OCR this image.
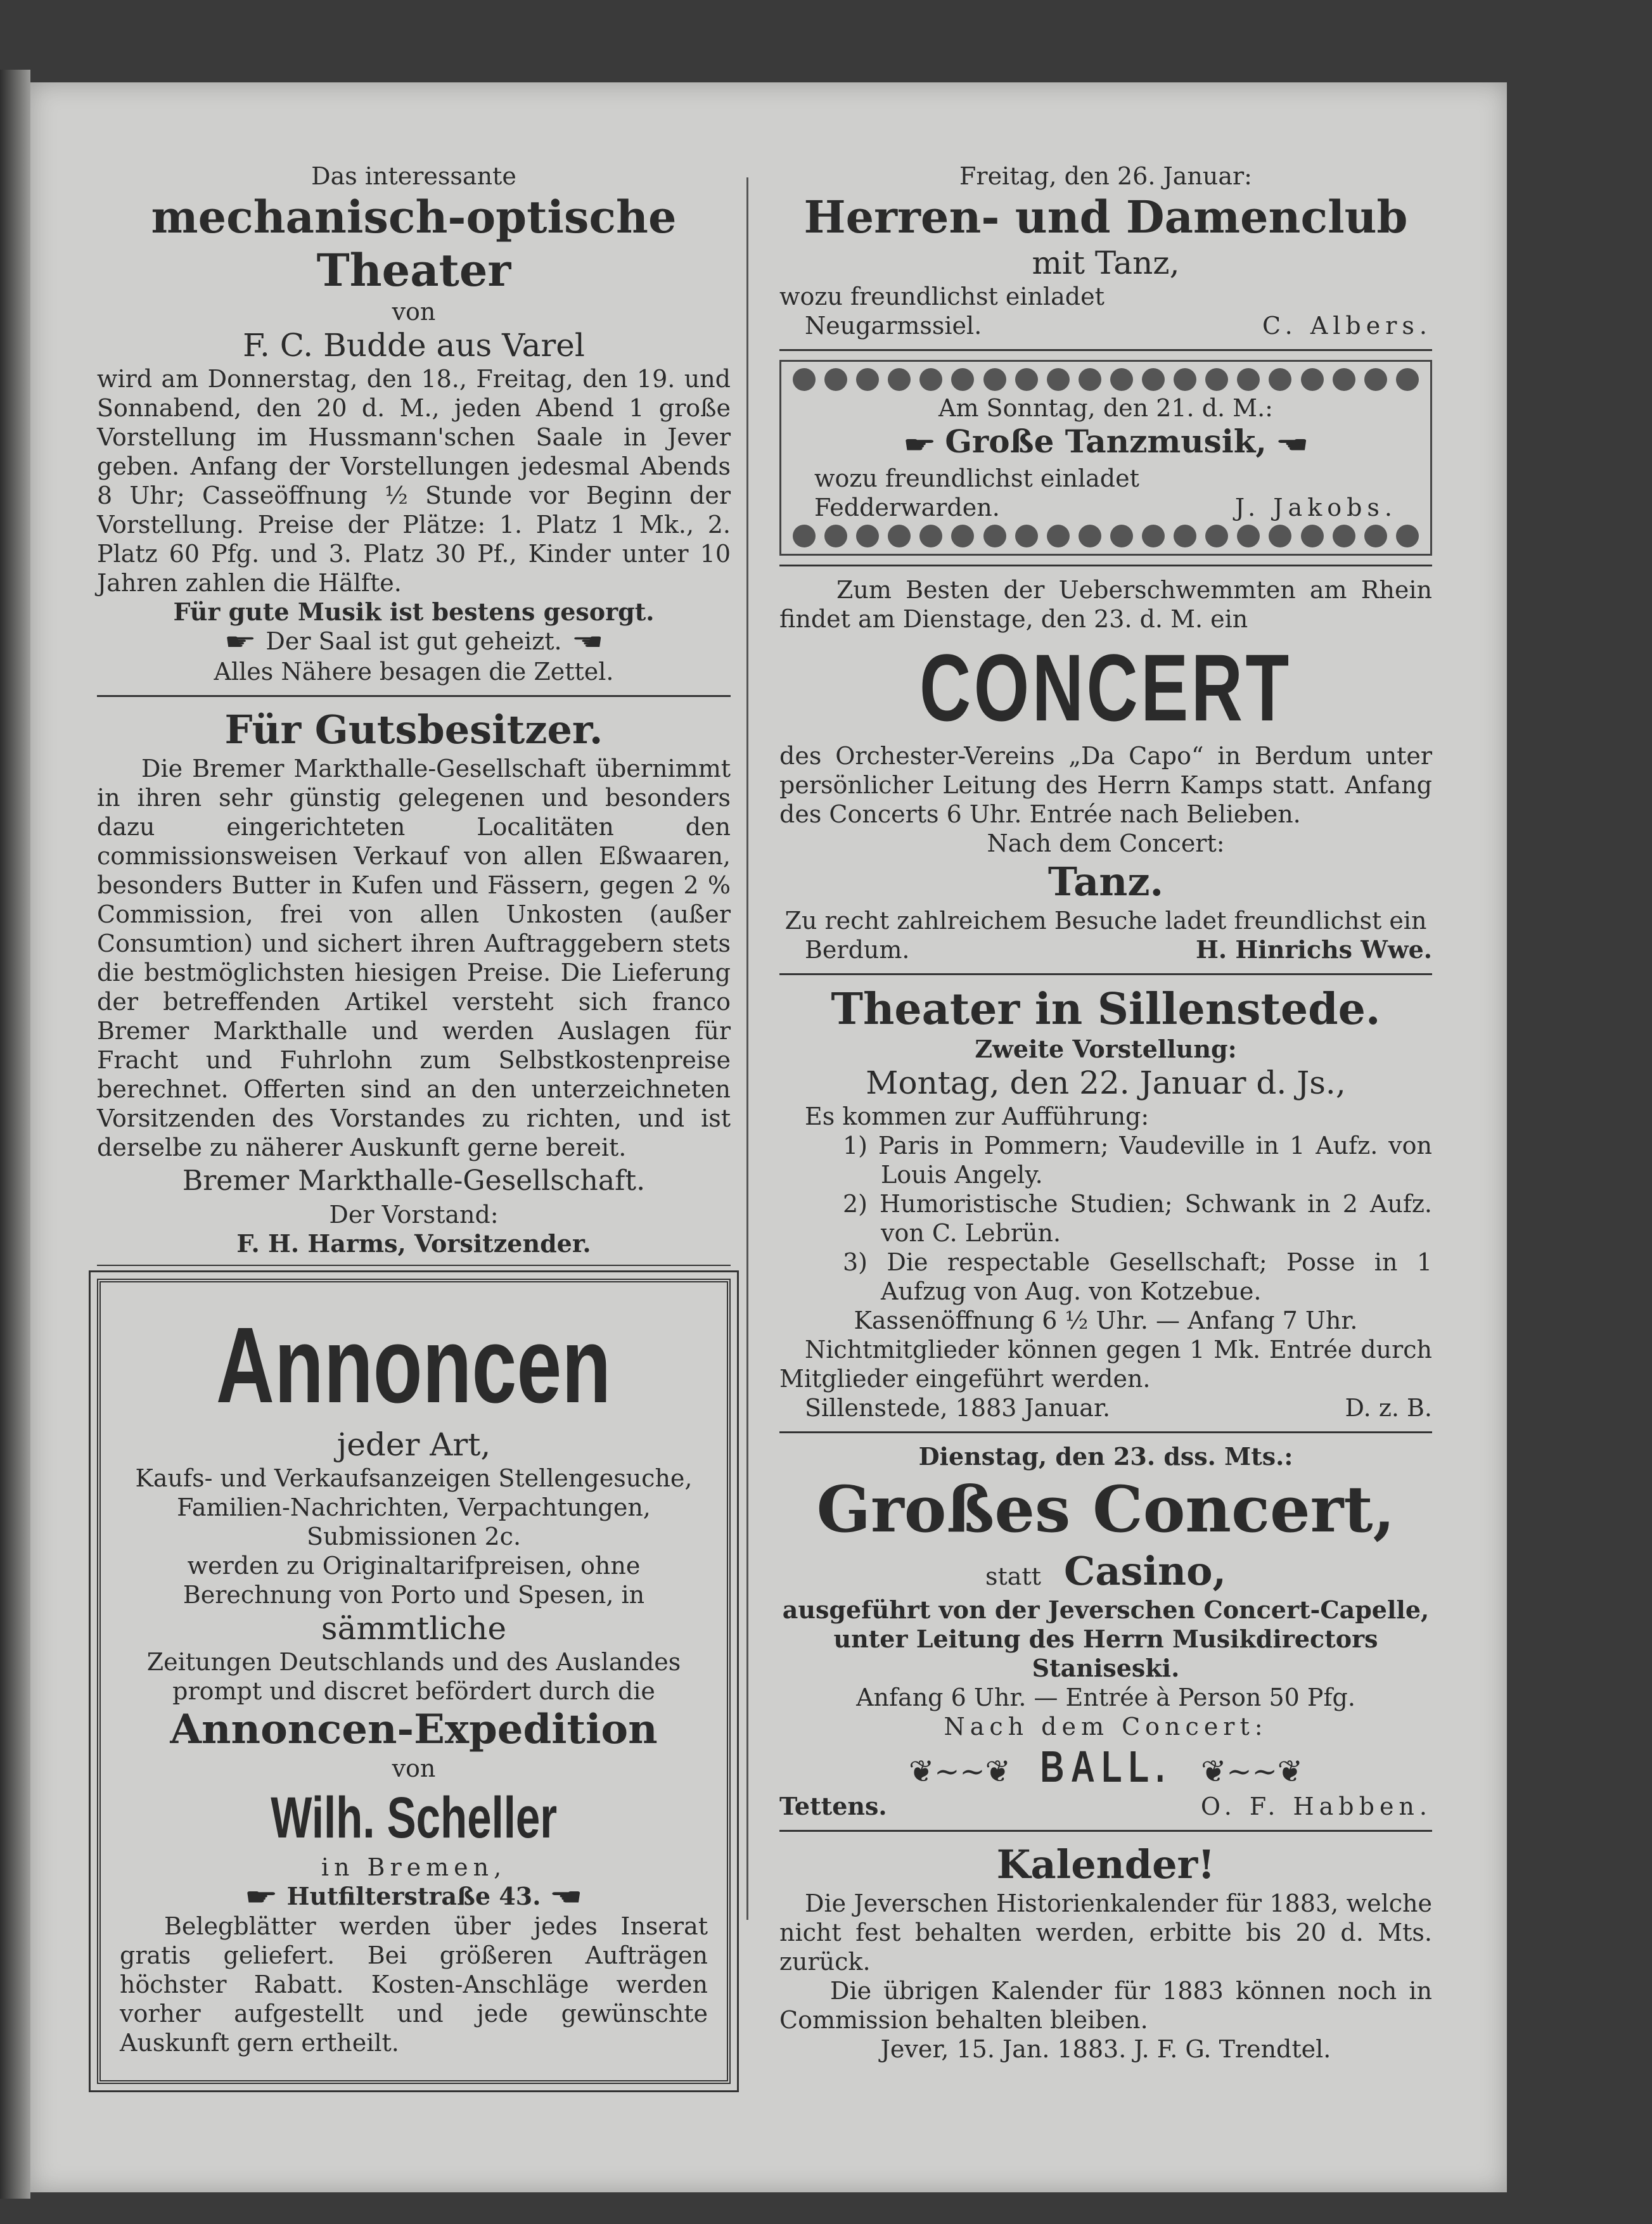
Das interessante
mechanisch-optische Theater
von
F. C. Budde aus Varel
wird am Donnerstag, den 18., Freitag, den 19. und Sonnabend, den 20 d. M., jeden Abend 1 große Vorstellung im Hussmann'schen Saale in Jever geben. Anfang der Vorstellungen jedesmal Abends 8 Uhr; Casseöffnung ½ Stunde vor Beginn der Vorstellung. Preise der Plätze: 1. Platz 1 Mk., 2. Platz 60 Pfg. und 3. Platz 30 Pf., Kinder unter 10 Jahren zahlen die Hälfte.
Für gute Musik ist bestens gesorgt.
☛ Der Saal ist gut geheizt. ☚
Alles Nähere besagen die Zettel.
Für Gutsbesitzer.
Die Bremer Markthalle-Gesellschaft übernimmt in ihren sehr günstig gelegenen und besonders dazu eingerichteten Localitäten den commissionsweisen Verkauf von allen Eßwaaren, besonders Butter in Kufen und Fässern, gegen 2 % Commission, frei von allen Unkosten (außer Consumtion) und sichert ihren Auftraggebern stets die bestmöglichsten hiesigen Preise. Die Lieferung der betreffenden Artikel versteht sich franco Bremer Markthalle und werden Auslagen für Fracht und Fuhrlohn zum Selbstkostenpreise berechnet. Offerten sind an den unterzeichneten Vorsitzenden des Vorstandes zu richten, und ist derselbe zu näherer Auskunft gerne bereit.
Bremer Markthalle-Gesellschaft.
Der Vorstand:
F. H. Harms, Vorsitzender.
Annoncen
jeder Art,
Kaufs- und Verkaufsanzeigen Stellengesuche, Familien-Nachrichten, Verpachtungen, Submissionen 2c.
werden zu Originaltarifpreisen, ohne Berechnung von Porto und Spesen, in
sämmtliche
Zeitungen Deutschlands und des Auslandes prompt und discret befördert durch die
Annoncen-Expedition
von
Wilh. Scheller
in Bremen,
☛ Hutfilterstraße 43. ☚
Belegblätter werden über jedes Inserat gratis geliefert. Bei größeren Aufträgen höchster Rabatt. Kosten-Anschläge werden vorher aufgestellt und jede gewünschte Auskunft gern ertheilt.
Freitag, den 26. Januar:
Herren- und Damenclub
mit Tanz,
wozu freundlichst einladet
Neugarmssiel.	C. Albers.
Am Sonntag, den 21. d. M.:
☛ Große Tanzmusik, ☚
wozu freundlichst einladet
Fedderwarden.	J. Jakobs.
Zum Besten der Ueberschwemmten am Rhein findet am Dienstage, den 23. d. M. ein
CONCERT
des Orchester-Vereins „Da Capo“ in Berdum unter persönlicher Leitung des Herrn Kamps statt. Anfang des Concerts 6 Uhr. Entrée nach Belieben.
Nach dem Concert:
Tanz.
Zu recht zahlreichem Besuche ladet freundlichst ein
Berdum.	H. Hinrichs Wwe.
Theater in Sillenstede.
Zweite Vorstellung:
Montag, den 22. Januar d. Js.,
Es kommen zur Aufführung:
1) Paris in Pommern; Vaudeville in 1 Aufz. von Louis Angely.
2) Humoristische Studien; Schwank in 2 Aufz. von C. Lebrün.
3) Die respectable Gesellschaft; Posse in 1 Aufzug von Aug. von Kotzebue.
Kassenöffnung 6 ½ Uhr. — Anfang 7 Uhr.
Nichtmitglieder können gegen 1 Mk. Entrée durch Mitglieder eingeführt werden.
Sillenstede, 1883 Januar.	D. z. B.
Dienstag, den 23. dss. Mts.:
Großes Concert,
statt Casino,
ausgeführt von der Jeverschen Concert-Capelle, unter Leitung des Herrn Musikdirectors Staniseski.
Anfang 6 Uhr. — Entrée à Person 50 Pfg.
Nach dem Concert:
❦~~❦ BALL. ❦~~❦
Tettens.	O. F. Habben.
Kalender!
Die Jeverschen Historienkalender für 1883, welche nicht fest behalten werden, erbitte bis 20 d. Mts. zurück.
Die übrigen Kalender für 1883 können noch in Commission behalten bleiben.
Jever, 15. Jan. 1883. J. F. G. Trendtel.
